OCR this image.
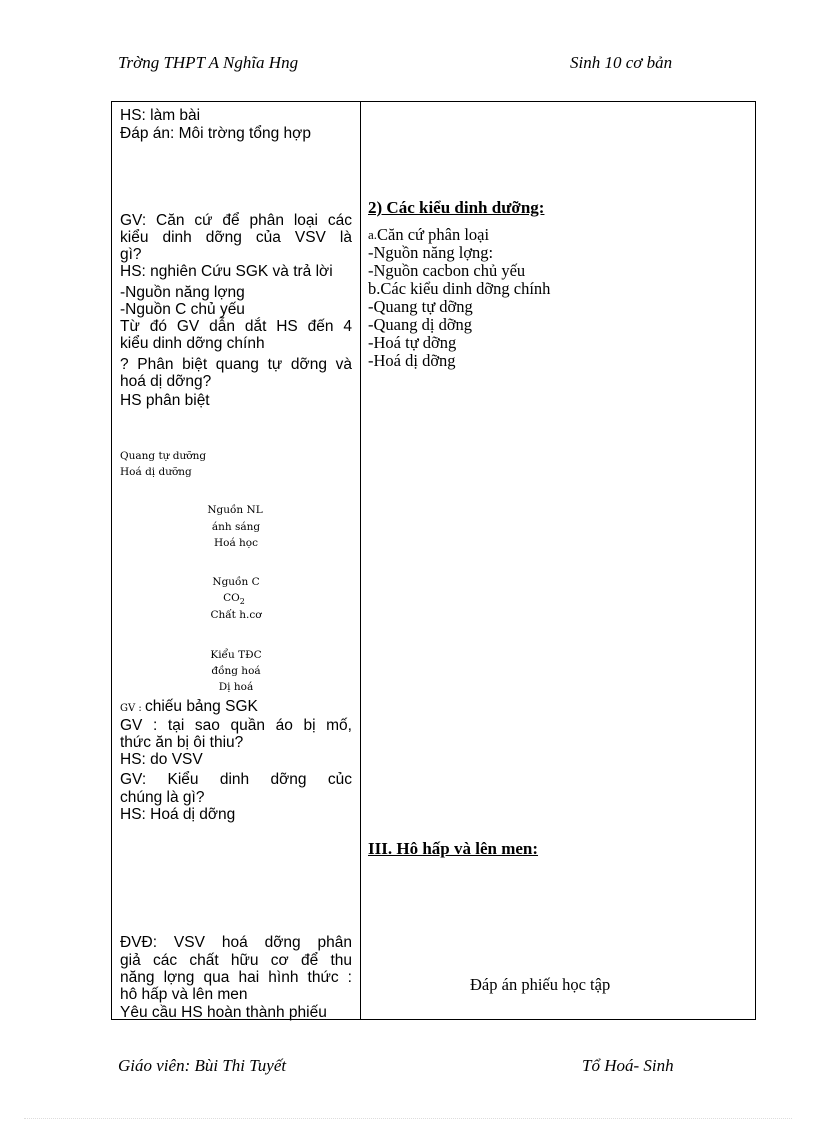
Trờng THPT A Nghĩa Hng	Sinh 10 cơ bản
HS: làm bài
Đáp án: Môi trờng tổng hợp
GV: Căn cứ để phân loại các
kiểu dinh dỡng của VSV là
gì?
HS: nghiên Cứu SGK và trả lời
-Nguồn năng lợng
-Nguồn C chủ yếu
Từ đó GV dẫn dắt HS đến 4
kiểu dinh dỡng chính
? Phân biệt quang tự dỡng và
hoá dị dỡng?
HS phân biệt
Quang tự dưỡng
Hoá dị dưỡng
Nguồn NL
ánh sáng
Hoá học
Nguồn C
$CO_2$
Chất h.cơ
Kiểu TĐC
đồng hoá
Dị hoá
GV : chiếu bảng SGK
GV : tại sao quần áo bị mố,
thức ăn bị ôi thiu?
HS: do VSV
GV: Kiểu dinh dỡng củc
chúng là gì?
HS: Hoá dị dỡng
ĐVĐ: VSV hoá dỡng phân
giả các chất hữu cơ để thu
năng lợng qua hai hình thức :
hô hấp và lên men
Yêu cầu HS hoàn thành phiếu
2) Các kiểu dinh dưỡng:
a.Căn cứ phân loại
-Nguồn năng lợng:
-Nguồn cacbon chủ yếu
b.Các kiểu dinh dỡng chính
-Quang tự dỡng
-Quang dị dỡng
-Hoá tự dỡng
-Hoá dị dỡng
III. Hô hấp và lên men:
Đáp án phiếu học tập
Giáo viên: Bùi Thi Tuyết	Tổ Hoá- Sinh
